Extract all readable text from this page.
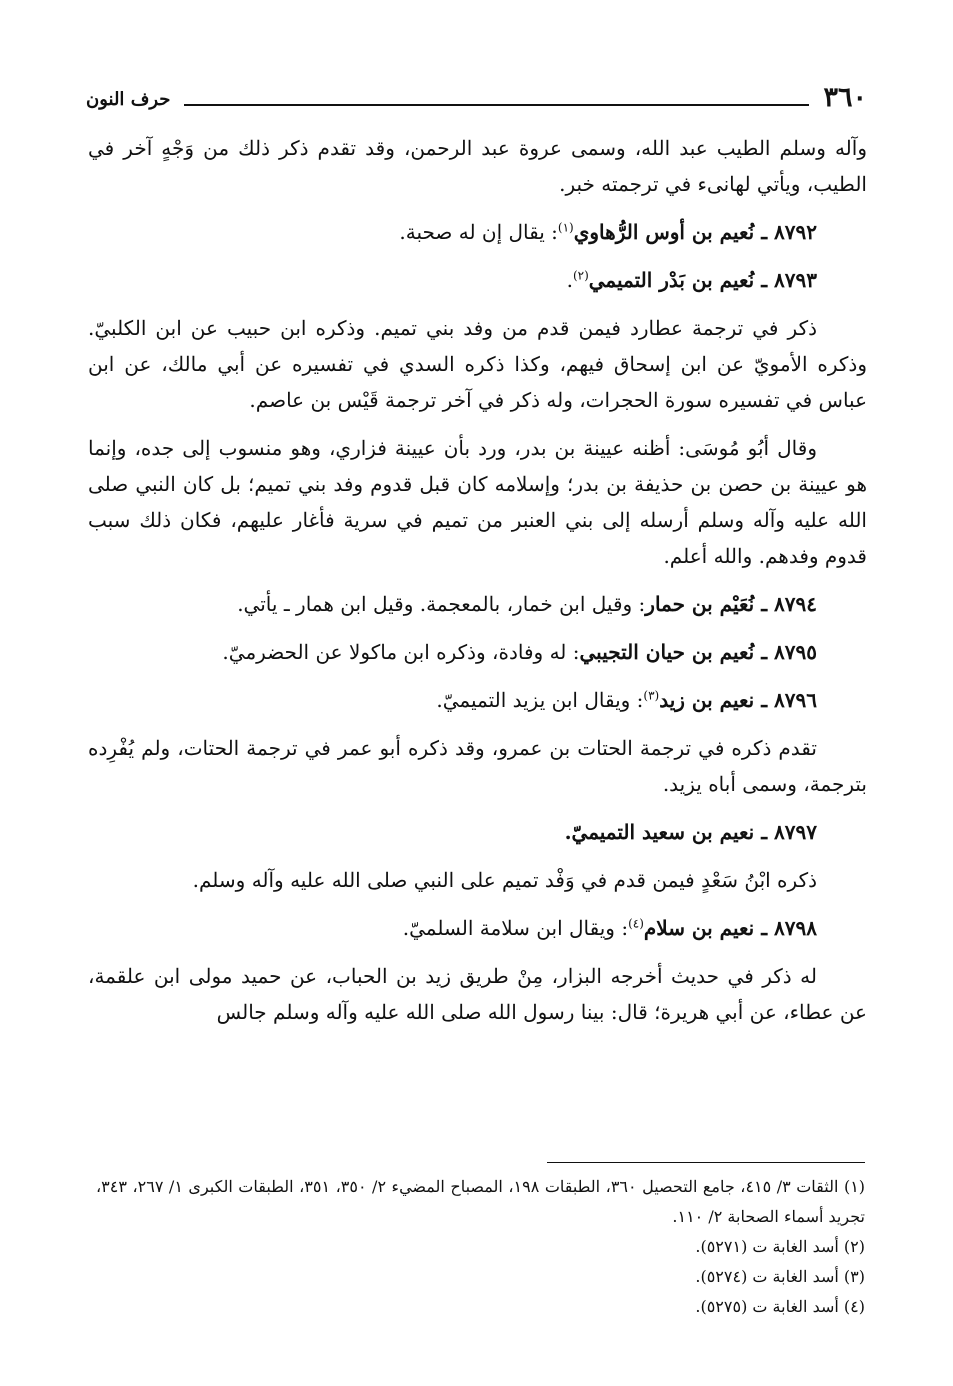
٣٦٠
حرف النون

وآله وسلم الطيب عبد الله، وسمى عروة عبد الرحمن، وقد تقدم ذكر ذلك من وَجْهٍ آخر في الطيب، ويأتي لهانىء في ترجمته خبر.

٨٧٩٢ ـ نُعيم بن أوس الرُّهاوي$^{(١)}$: يقال إن له صحبة.

٨٧٩٣ ـ نُعيم بن بَدْر التميمي$^{(٢)}$.

ذكر في ترجمة عطارد فيمن قدم من وفد بني تميم. وذكره ابن حبيب عن ابن الكلبيّ. وذكره الأمويّ عن ابن إسحاق فيهم، وكذا ذكره السدي في تفسيره عن أبي مالك، عن ابن عباس في تفسيره سورة الحجرات، وله ذكر في آخر ترجمة قَيْس بن عاصم.

وقال أبُو مُوسَى: أظنه عيينة بن بدر، ورد بأن عيينة فزاري، وهو منسوب إلى جده، وإنما هو عيينة بن حصن بن حذيفة بن بدر؛ وإسلامه كان قبل قدوم وفد بني تميم؛ بل كان النبي صلى الله عليه وآله وسلم أرسله إلى بني العنبر من تميم في سرية فأغار عليهم، فكان ذلك سبب قدوم وفدهم. والله أعلم.

٨٧٩٤ ـ نُعَيْم بن حمار: وقيل ابن خمار، بالمعجمة. وقيل ابن همار ـ يأتي.

٨٧٩٥ ـ نُعيم بن حيان التجيبي: له وفادة، وذكره ابن ماكولا عن الحضرميّ.

٨٧٩٦ ـ نعيم بن زيد$^{(٣)}$: ويقال ابن يزيد التميميّ.

تقدم ذكره في ترجمة الحتات بن عمرو، وقد ذكره أبو عمر في ترجمة الحتات، ولم يُفْرِده بترجمة، وسمى أباه يزيد.

٨٧٩٧ ـ نعيم بن سعيد التميميّ.

ذكره ابْنُ سَعْدٍ فيمن قدم في وَفْد تميم على النبي صلى الله عليه وآله وسلم.

٨٧٩٨ ـ نعيم بن سلام$^{(٤)}$: ويقال ابن سلامة السلميّ.

له ذكر في حديث أخرجه البزار، مِنْ طريق زيد بن الحباب، عن حميد مولى ابن علقمة، عن عطاء، عن أبي هريرة؛ قال: بينا رسول الله صلى الله عليه وآله وسلم جالس

(١) الثقات ٣/ ٤١٥، جامع التحصيل ٣٦٠، الطبقات ١٩٨، المصباح المضيء ٢/ ٣٥٠، ٣٥١، الطبقات الكبرى ١/ ٢٦٧، ٣٤٣، تجريد أسماء الصحابة ٢/ ١١٠.
(٢) أسد الغابة ت (٥٢٧١).
(٣) أسد الغابة ت (٥٢٧٤).
(٤) أسد الغابة ت (٥٢٧٥).
